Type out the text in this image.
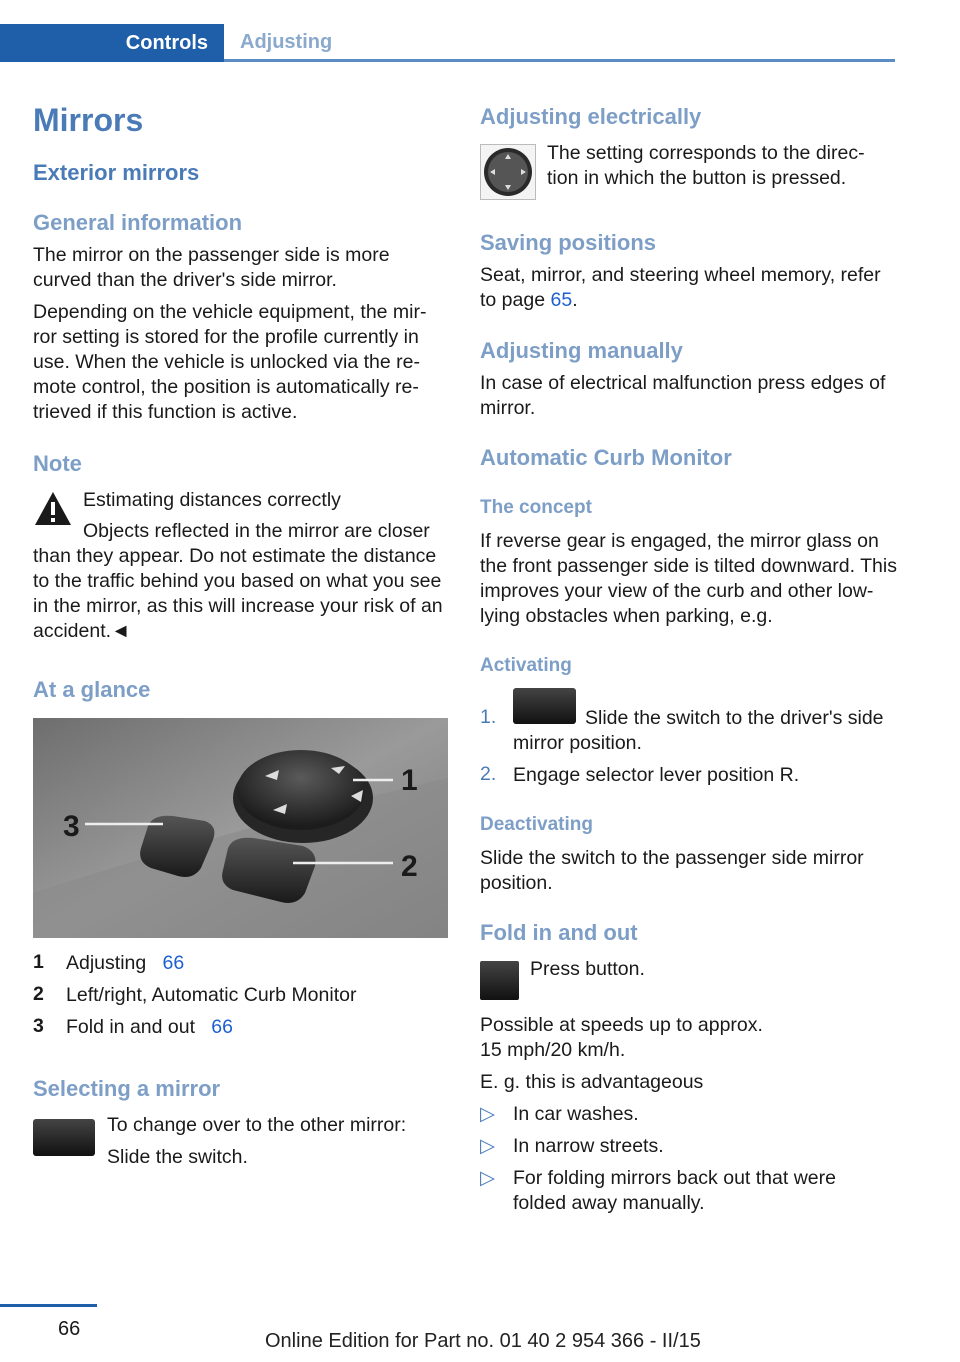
Controls Adjusting
Mirrors
Exterior mirrors
General information
The mirror on the passenger side is more curved than the driver's side mirror.
Depending on the vehicle equipment, the mir-ror setting is stored for the profile currently in use. When the vehicle is unlocked via the re-mote control, the position is automatically re-trieved if this function is active.
Note
Estimating distances correctly
Objects reflected in the mirror are closer
than they appear. Do not estimate the distance to the traffic behind you based on what you see in the mirror, as this will increase your risk of an accident.◄
At a glance
1
2
3
1 Adjusting 66
2 Left/right, Automatic Curb Monitor
3 Fold in and out 66
Selecting a mirror
To change over to the other mirror:
Slide the switch.
Adjusting electrically
The setting corresponds to the direc-tion in which the button is pressed.
Saving positions
Seat, mirror, and steering wheel memory, refer to page 65.
Adjusting manually
In case of electrical malfunction press edges of mirror.
Automatic Curb Monitor
The concept
If reverse gear is engaged, the mirror glass on the front passenger side is tilted downward. This improves your view of the curb and other low-lying obstacles when parking, e.g.
Activating
1.	Slide the switch to the driver's side
mirror position.
2. Engage selector lever position R.
Deactivating
Slide the switch to the passenger side mirror position.
Fold in and out
Press button.
Possible at speeds up to approx.
15 mph/20 km/h.
E. g. this is advantageous
▷ In car washes.
▷ In narrow streets.
▷ For folding mirrors back out that were
folded away manually.
66
Online Edition for Part no. 01 40 2 954 366 - II/15
